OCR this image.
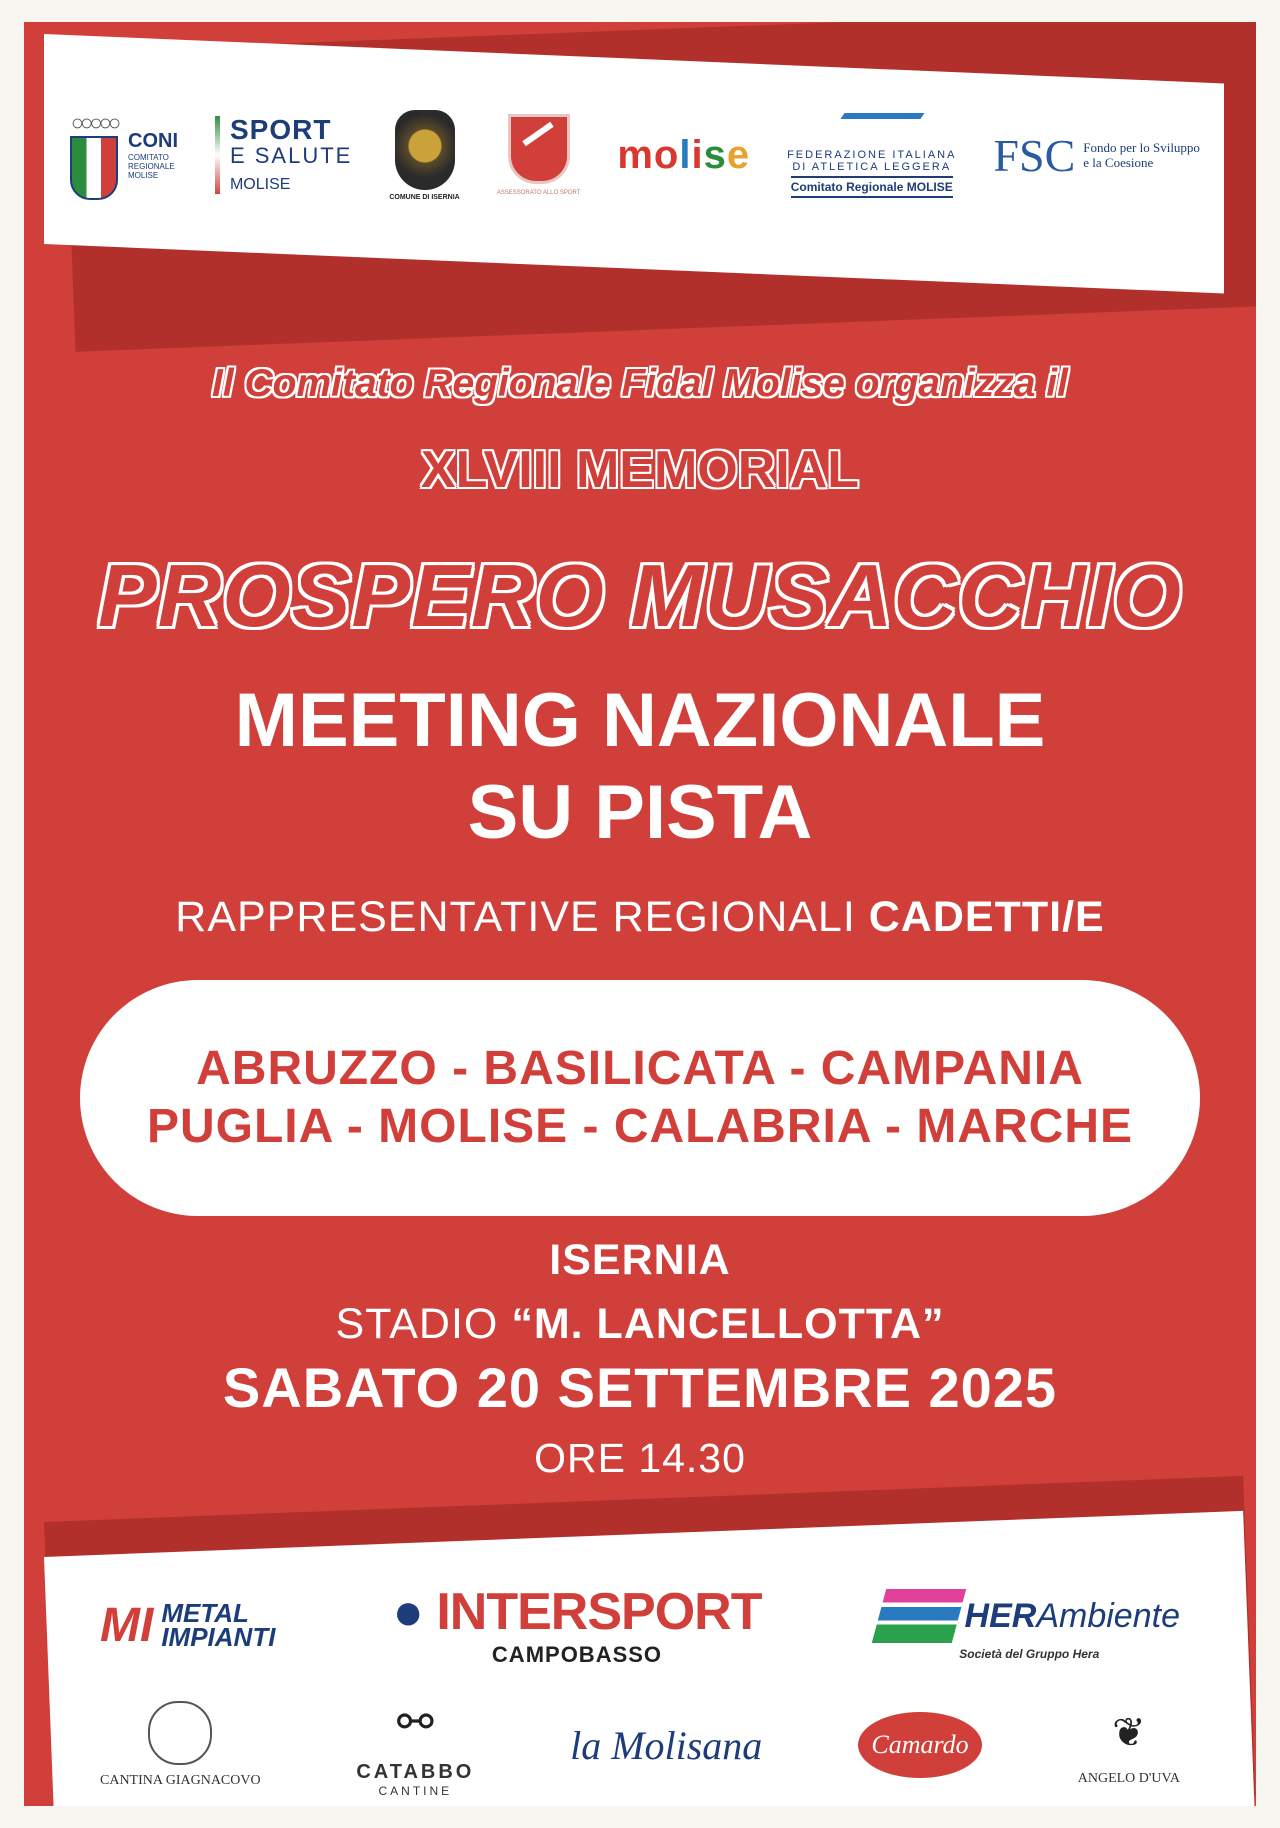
○○○○○
CONI
COMITATO
REGIONALE
MOLISE
SPORT
E SALUTE
MOLISE
COMUNE DI ISERNIA
ASSESSORATO ALLO SPORT
molise	FEDERAZIONE ITALIANA
DI ATLETICA LEGGERA
Comitato Regionale MOLISE
FSC Fondo per lo Sviluppo
e la Coesione
Il Comitato Regionale Fidal Molise organizza il
XLVIII MEMORIAL
PROSPERO MUSACCHIO
MEETING NAZIONALE
SU PISTA
RAPPRESENTATIVE REGIONALI CADETTI/E
ABRUZZO - BASILICATA - CAMPANIA
PUGLIA - MOLISE - CALABRIA - MARCHE
ISERNIA
STADIO “M. LANCELLOTTA”
SABATO 20 SETTEMBRE 2025
ORE 14.30
MI METAL
IMPIANTI ● INTERSPORT
CAMPOBASSO
HERAmbiente
Società del Gruppo Hera
CANTINA GIAGNACOVO
⚯
CATABBO
CANTINE
la Molisana	Camardo	❦
ANGELO D'UVA
